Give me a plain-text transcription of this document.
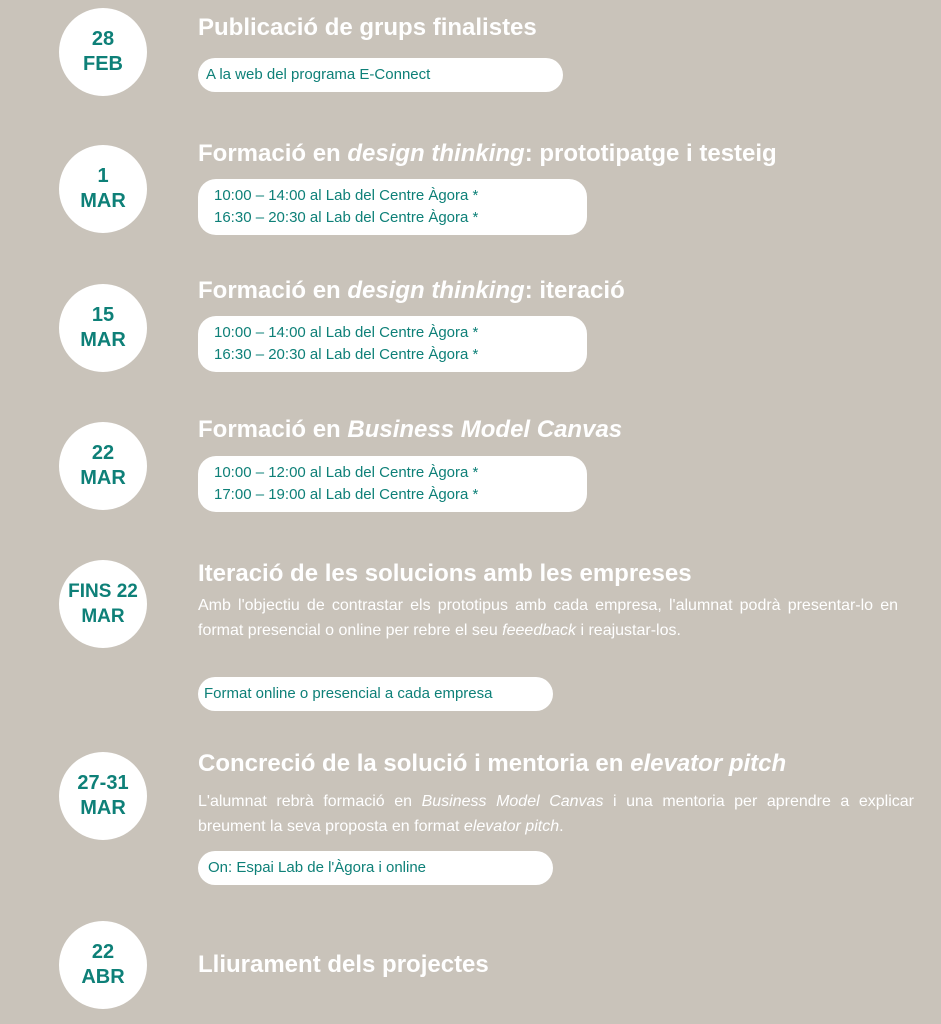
28
FEB
Publicació de grups finalistes
A la web del programa E-Connect
1
MAR
Formació en design thinking: prototipatge i testeig
10:00 – 14:00 al Lab del Centre Àgora *
16:30 – 20:30 al Lab del Centre Àgora *
15
MAR
Formació en design thinking: iteració
10:00 – 14:00 al Lab del Centre Àgora *
16:30 – 20:30 al Lab del Centre Àgora *
22
MAR
Formació en Business Model Canvas
10:00 – 12:00 al Lab del Centre Àgora *
17:00 – 19:00 al Lab del Centre Àgora *
FINS 22
MAR
Iteració de les solucions amb les empreses
Amb l'objectiu de contrastar els prototipus amb cada empresa, l'alumnat podrà presentar-lo en format presencial o online per rebre el seu feeedback i reajustar-los.
Format online o presencial a cada empresa
27-31
MAR
Concreció de la solució i mentoria en elevator pitch
L'alumnat rebrà formació en Business Model Canvas i una mentoria per aprendre a explicar breument la seva proposta en format elevator pitch.
On: Espai Lab de l'Àgora i online
22
ABR	Lliurament dels projectes
